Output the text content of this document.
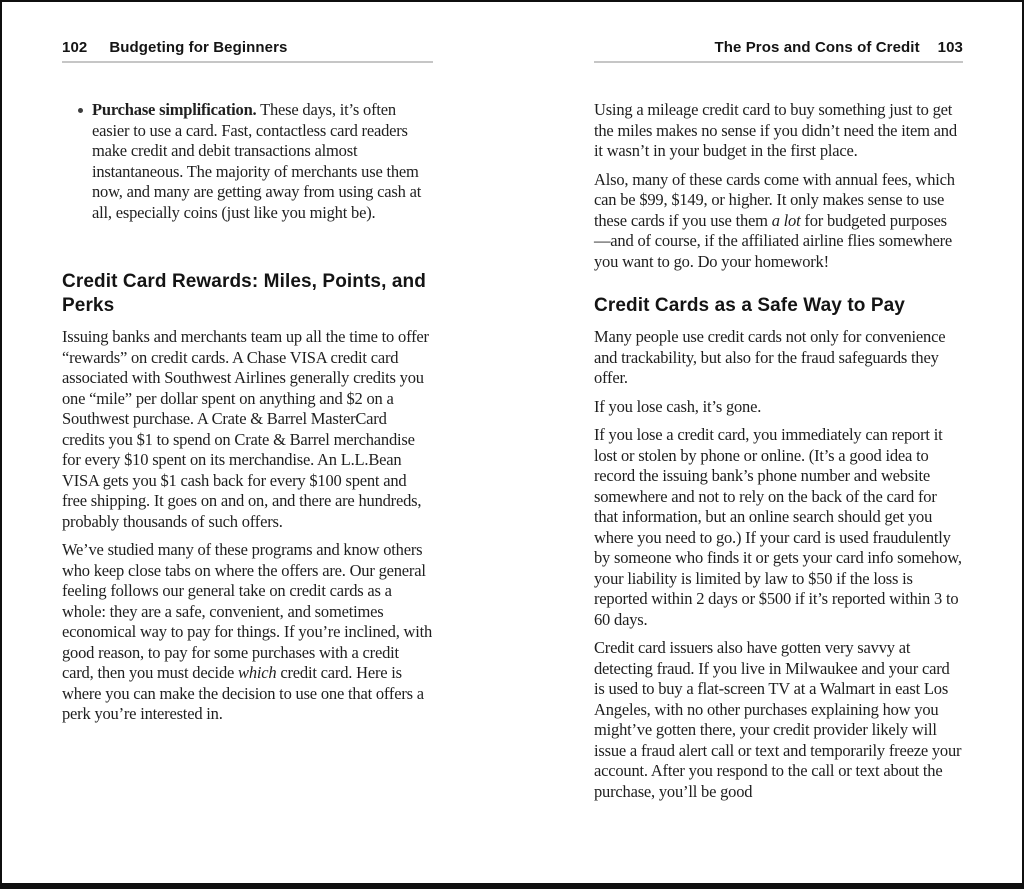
102 Budgeting for Beginners

Purchase simplification. These days, it’s often easier to use a card. Fast, contactless card readers make credit and debit transactions almost instantaneous. The majority of merchants use them now, and many are getting away from using cash at all, especially coins (just like you might be).

Credit Card Rewards: Miles, Points, and Perks

Issuing banks and merchants team up all the time to offer “rewards” on credit cards. A Chase VISA credit card associated with Southwest Airlines generally credits you one “mile” per dollar spent on anything and $2 on a Southwest purchase. A Crate & Barrel MasterCard credits you $1 to spend on Crate & Barrel merchandise for every $10 spent on its merchandise. An L.L.Bean VISA gets you $1 cash back for every $100 spent and free shipping. It goes on and on, and there are hundreds, probably thousands of such offers.

We’ve studied many of these programs and know others who keep close tabs on where the offers are. Our general feeling follows our general take on credit cards as a whole: they are a safe, convenient, and sometimes economical way to pay for things. If you’re inclined, with good reason, to pay for some purchases with a credit card, then you must decide which credit card. Here is where you can make the decision to use one that offers a perk you’re interested in.

The Pros and Cons of Credit 103

Using a mileage credit card to buy something just to get the miles makes no sense if you didn’t need the item and it wasn’t in your budget in the first place.

Also, many of these cards come with annual fees, which can be $99, $149, or higher. It only makes sense to use these cards if you use them a lot for budgeted purposes—and of course, if the affiliated airline flies somewhere you want to go. Do your homework!

Credit Cards as a Safe Way to Pay

Many people use credit cards not only for convenience and trackability, but also for the fraud safeguards they offer.

If you lose cash, it’s gone.

If you lose a credit card, you immediately can report it lost or stolen by phone or online. (It’s a good idea to record the issuing bank’s phone number and website somewhere and not to rely on the back of the card for that information, but an online search should get you where you need to go.) If your card is used fraudulently by someone who finds it or gets your card info somehow, your liability is limited by law to $50 if the loss is reported within 2 days or $500 if it’s reported within 3 to 60 days.

Credit card issuers also have gotten very savvy at detecting fraud. If you live in Milwaukee and your card is used to buy a flat-screen TV at a Walmart in east Los Angeles, with no other purchases explaining how you might’ve gotten there, your credit provider likely will issue a fraud alert call or text and temporarily freeze your account. After you respond to the call or text about the purchase, you’ll be good
